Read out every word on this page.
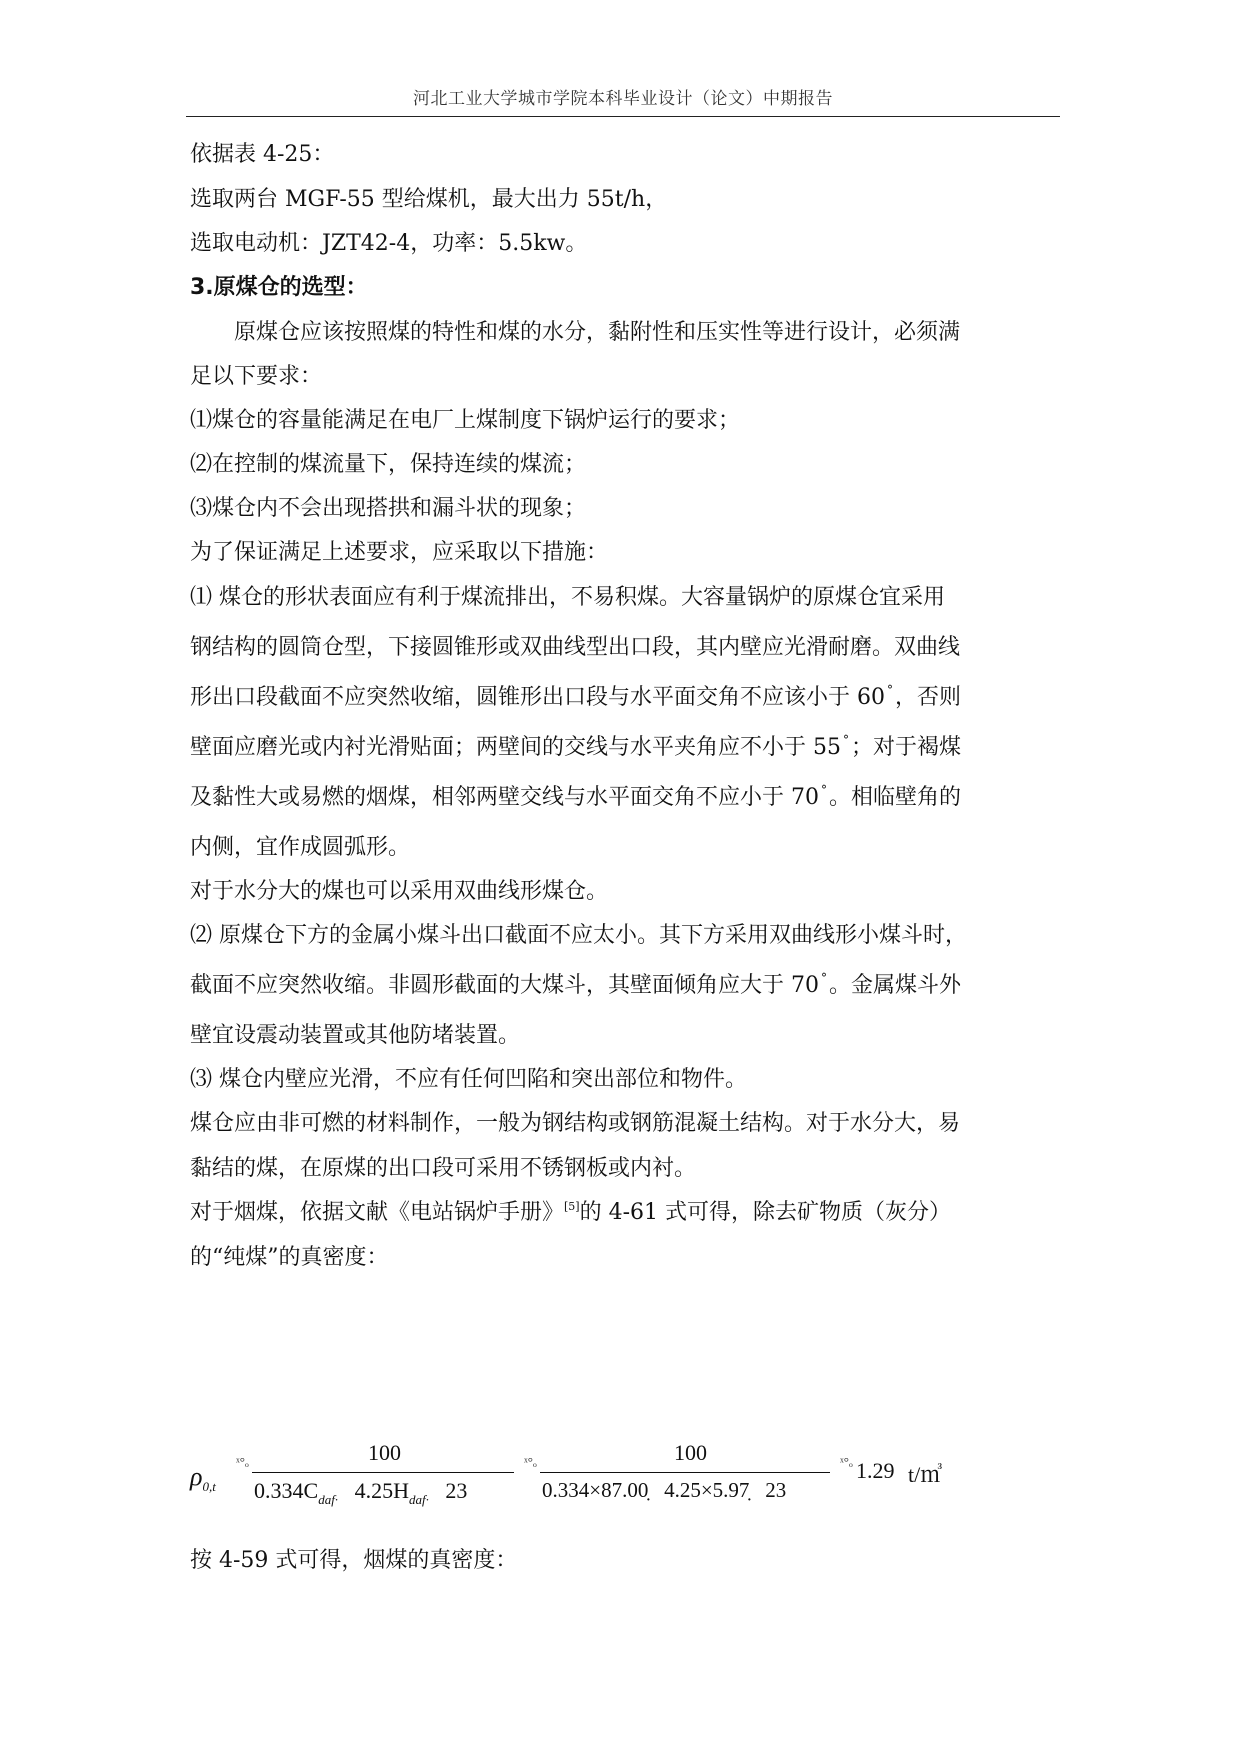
河北工业大学城市学院本科毕业设计（论文）中期报告
依据表 4-25：
选取两台 MGF-55 型给煤机，最大出力 55t/h，
选取电动机：JZT42-4，功率：5.5kw。
3.原煤仓的选型：
　　原煤仓应该按照煤的特性和煤的水分，黏附性和压实性等进行设计，必须满
足以下要求：
⑴煤仓的容量能满足在电厂上煤制度下锅炉运行的要求；
⑵在控制的煤流量下，保持连续的煤流；
⑶煤仓内不会出现搭拱和漏斗状的现象；
为了保证满足上述要求，应采取以下措施：
⑴ 煤仓的形状表面应有利于煤流排出，不易积煤。大容量锅炉的原煤仓宜采用
钢结构的圆筒仓型，下接圆锥形或双曲线型出口段，其内壁应光滑耐磨。双曲线
形出口段截面不应突然收缩，圆锥形出口段与水平面交角不应该小于 60 °，否则
壁面应磨光或内衬光滑贴面；两壁间的交线与水平夹角应不小于 55 °；对于褐煤
及黏性大或易燃的烟煤，相邻两壁交线与水平面交角不应小于 70 °。相临壁角的
内侧，宜作成圆弧形。
对于水分大的煤也可以采用双曲线形煤仓。
⑵ 原煤仓下方的金属小煤斗出口截面不应太小。其下方采用双曲线形小煤斗时，
截面不应突然收缩。非圆形截面的大煤斗，其壁面倾角应大于 70 °。金属煤斗外
壁宜设震动装置或其他防堵装置。
⑶ 煤仓内壁应光滑，不应有任何凹陷和突出部位和物件。
煤仓应由非可燃的材料制作，一般为钢结构或钢筋混凝土结构。对于水分大，易
黏结的煤，在原煤的出口段可采用不锈钢板或内衬。
对于烟煤，依据文献《电站锅炉手册》[5]的 4-61 式可得，除去矿物质（灰分）
的“纯煤”的真密度：
$\rho_{0,t}$
ˣ°ₒ	100
$0.334C_{daf\cdot}$ $4.25H_{daf\cdot}$ 23
ˣ°ₒ	100
0.334×87.00̣ 4.25×5.97̣ 23
ˣ°ₒ 1.29 t/㎥
按 4-59 式可得，烟煤的真密度：
